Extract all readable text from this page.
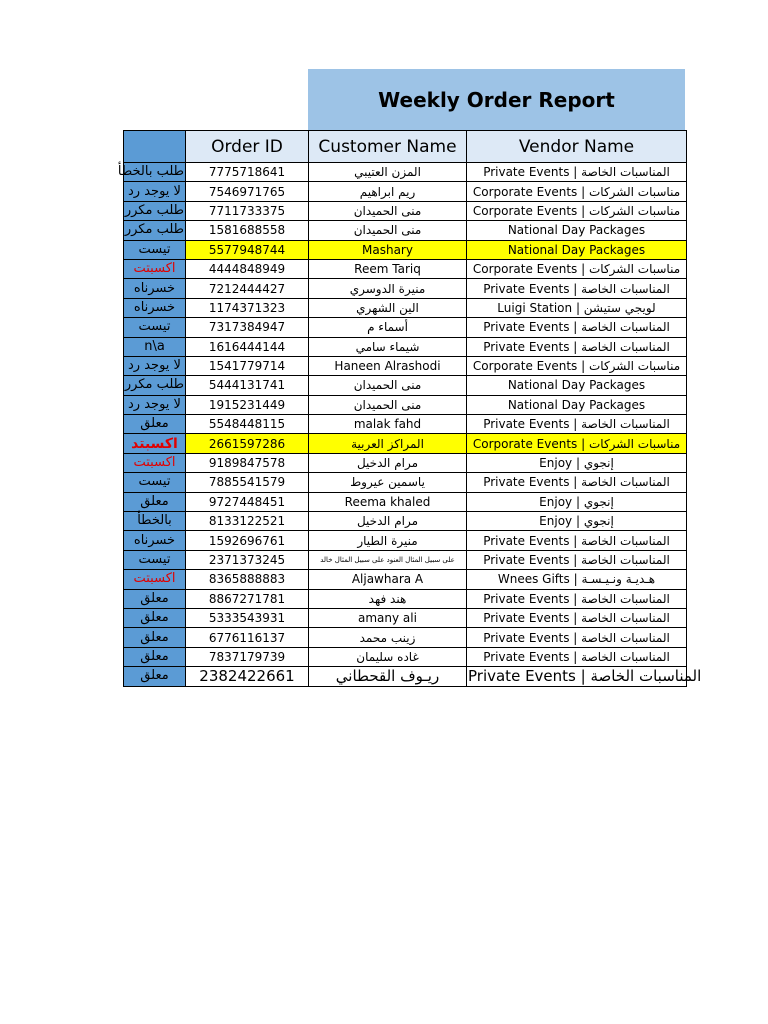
Weekly Order Report
	Order ID	Customer Name	Vendor Name
طلب بالخطأ	7775718641	المزن العتيبي	Private Events | المناسبات الخاصة
لا يوجد رد	7546971765	ريم ابراهيم	Corporate Events | مناسبات الشركات
طلب مكرر	7711733375	منى الحميدان	Corporate Events | مناسبات الشركات
طلب مكرر	1581688558	منى الحميدان	National Day Packages
تيست	5577948744	Mashary	National Day Packages
اكسبتت	4444848949	Reem Tariq	Corporate Events | مناسبات الشركات
خسرناه	7212444427	منيرة الدوسري	Private Events | المناسبات الخاصة
خسرناه	1174371323	الين الشهري	Luigi Station | لويجي ستيشن
تيست	7317384947	أسماء م	Private Events | المناسبات الخاصة
n\a	1616444144	شيماء سامي	Private Events | المناسبات الخاصة
لا يوجد رد	1541779714	Haneen Alrashodi	Corporate Events | مناسبات الشركات
طلب مكرر	5444131741	منى الحميدان	National Day Packages
لا يوجد رد	1915231449	منى الحميدان	National Day Packages
معلق	5548448115	malak fahd	Private Events | المناسبات الخاصة
اكسبتد	2661597286	المراكز العربية	Corporate Events | مناسبات الشركات
اكسبتت	9189847578	مرام الدخيل	Enjoy | إنجوي
تيست	7885541579	ياسمين عيروط	Private Events | المناسبات الخاصة
معلق	9727448451	Reema khaled	Enjoy | إنجوي
بالخطأ	8133122521	مرام الدخيل	Enjoy | إنجوي
خسرناه	1592696761	منيرة الطيار	Private Events | المناسبات الخاصة
تيست	2371373245	على سبيل المثال العنود على سبيل المثال خالد	Private Events | المناسبات الخاصة
اكسبتت	8365888883	Aljawhara A	Wnees Gifts | هـديـة ونـيـسـة
معلق	8867271781	هند فهد	Private Events | المناسبات الخاصة
معلق	5333543931	amany ali	Private Events | المناسبات الخاصة
معلق	6776116137	زينب محمد	Private Events | المناسبات الخاصة
معلق	7837179739	غاده سليمان	Private Events | المناسبات الخاصة
معلق	2382422661	ريـوف القحطاني	Private Events | المناسبات الخاصة
